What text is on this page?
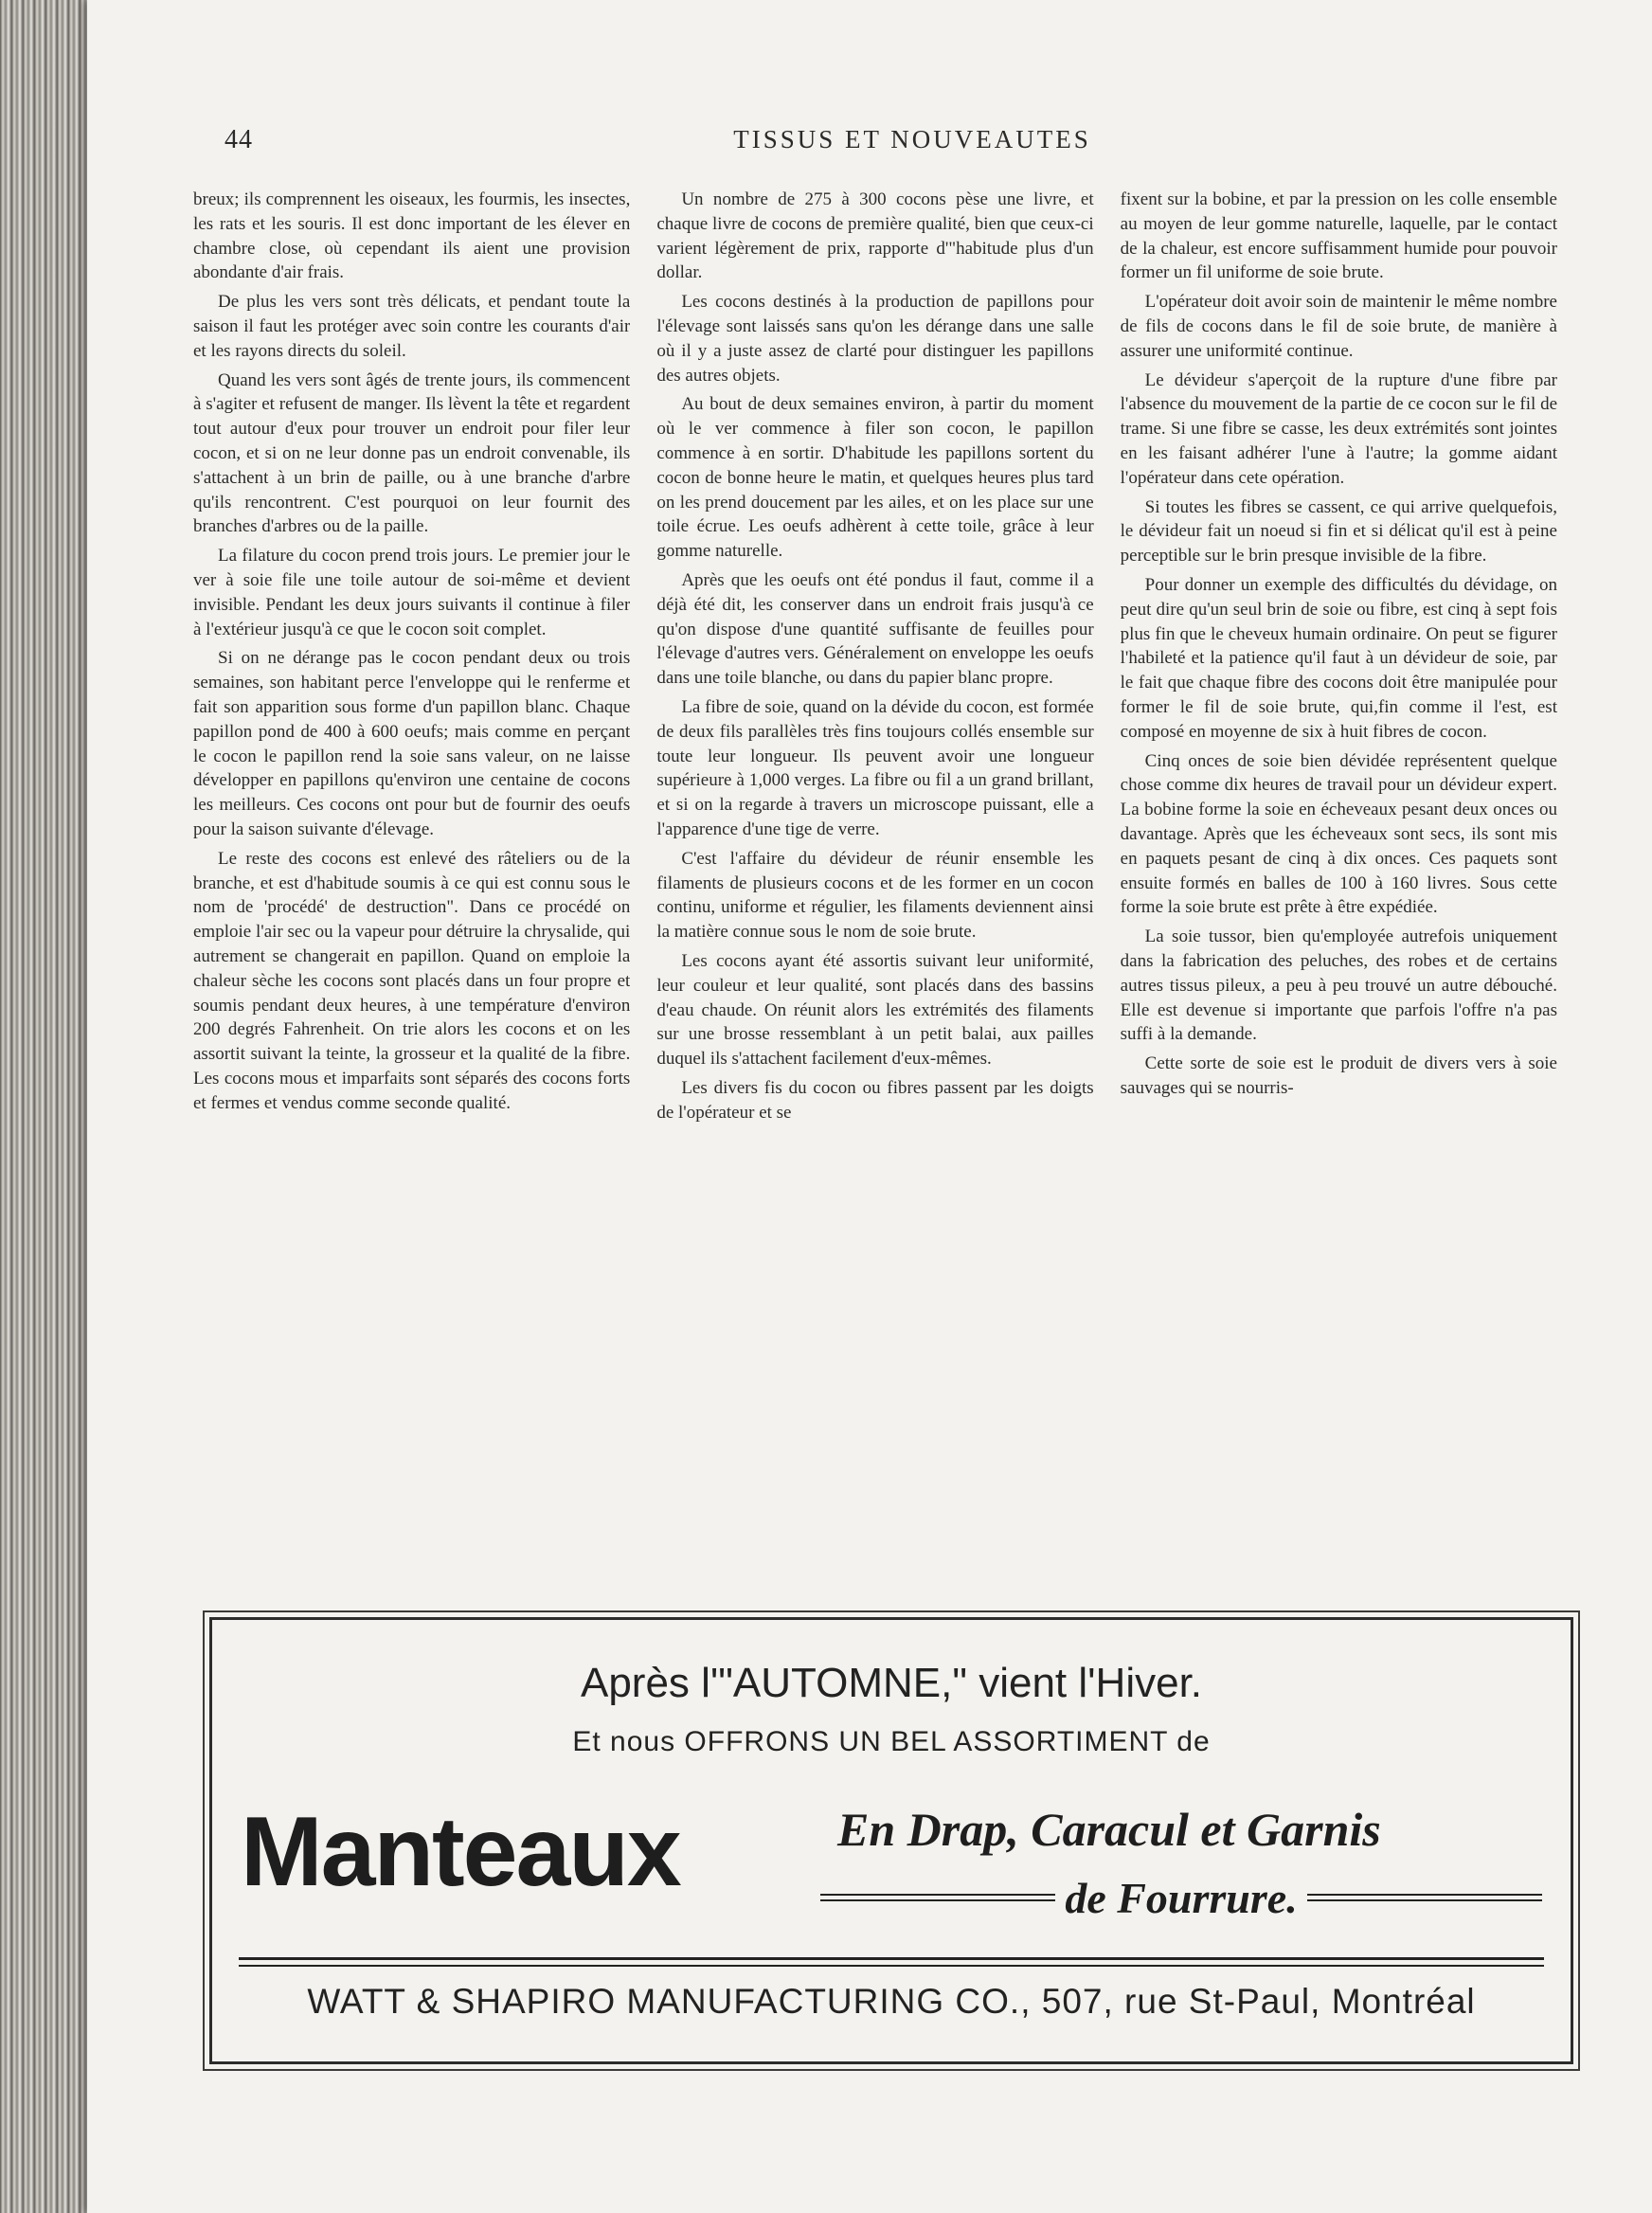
44	TISSUS ET NOUVEAUTES

breux; ils comprennent les oiseaux, les fourmis, les insectes, les rats et les souris. Il est donc important de les élever en chambre close, où cependant ils aient une provision abondante d'air frais.

De plus les vers sont très délicats, et pendant toute la saison il faut les protéger avec soin contre les courants d'air et les rayons directs du soleil.

Quand les vers sont âgés de trente jours, ils commencent à s'agiter et refusent de manger. Ils lèvent la tête et regardent tout autour d'eux pour trouver un endroit pour filer leur cocon, et si on ne leur donne pas un endroit convenable, ils s'attachent à un brin de paille, ou à une branche d'arbre qu'ils rencontrent. C'est pourquoi on leur fournit des branches d'arbres ou de la paille.

La filature du cocon prend trois jours. Le premier jour le ver à soie file une toile autour de soi-même et devient invisible. Pendant les deux jours suivants il continue à filer à l'extérieur jusqu'à ce que le cocon soit complet.

Si on ne dérange pas le cocon pendant deux ou trois semaines, son habitant perce l'enveloppe qui le renferme et fait son apparition sous forme d'un papillon blanc. Chaque papillon pond de 400 à 600 oeufs; mais comme en perçant le cocon le papillon rend la soie sans valeur, on ne laisse développer en papillons qu'environ une centaine de cocons les meilleurs. Ces cocons ont pour but de fournir des oeufs pour la saison suivante d'élevage.

Le reste des cocons est enlevé des râteliers ou de la branche, et est d'habitude soumis à ce qui est connu sous le nom de 'procédé' de destruction". Dans ce procédé on emploie l'air sec ou la vapeur pour détruire la chrysalide, qui autrement se changerait en papillon. Quand on emploie la chaleur sèche les cocons sont placés dans un four propre et soumis pendant deux heures, à une température d'environ 200 degrés Fahrenheit. On trie alors les cocons et on les assortit suivant la teinte, la grosseur et la qualité de la fibre. Les cocons mous et imparfaits sont séparés des cocons forts et fermes et vendus comme seconde qualité.

Un nombre de 275 à 300 cocons pèse une livre, et chaque livre de cocons de première qualité, bien que ceux-ci varient légèrement de prix, rapporte d'"habitude plus d'un dollar.

Les cocons destinés à la production de papillons pour l'élevage sont laissés sans qu'on les dérange dans une salle où il y a juste assez de clarté pour distinguer les papillons des autres objets.

Au bout de deux semaines environ, à partir du moment où le ver commence à filer son cocon, le papillon commence à en sortir. D'habitude les papillons sortent du cocon de bonne heure le matin, et quelques heures plus tard on les prend doucement par les ailes, et on les place sur une toile écrue. Les oeufs adhèrent à cette toile, grâce à leur gomme naturelle.

Après que les oeufs ont été pondus il faut, comme il a déjà été dit, les conserver dans un endroit frais jusqu'à ce qu'on dispose d'une quantité suffisante de feuilles pour l'élevage d'autres vers. Généralement on enveloppe les oeufs dans une toile blanche, ou dans du papier blanc propre.

La fibre de soie, quand on la dévide du cocon, est formée de deux fils parallèles très fins toujours collés ensemble sur toute leur longueur. Ils peuvent avoir une longueur supérieure à 1,000 verges. La fibre ou fil a un grand brillant, et si on la regarde à travers un microscope puissant, elle a l'apparence d'une tige de verre.

C'est l'affaire du dévideur de réunir ensemble les filaments de plusieurs cocons et de les former en un cocon continu, uniforme et régulier, les filaments deviennent ainsi la matière connue sous le nom de soie brute.

Les cocons ayant été assortis suivant leur uniformité, leur couleur et leur qualité, sont placés dans des bassins d'eau chaude. On réunit alors les extrémités des filaments sur une brosse ressemblant à un petit balai, aux pailles duquel ils s'attachent facilement d'eux-mêmes.

Les divers fis du cocon ou fibres passent par les doigts de l'opérateur et se

fixent sur la bobine, et par la pression on les colle ensemble au moyen de leur gomme naturelle, laquelle, par le contact de la chaleur, est encore suffisamment humide pour pouvoir former un fil uniforme de soie brute.

L'opérateur doit avoir soin de maintenir le même nombre de fils de cocons dans le fil de soie brute, de manière à assurer une uniformité continue.

Le dévideur s'aperçoit de la rupture d'une fibre par l'absence du mouvement de la partie de ce cocon sur le fil de trame. Si une fibre se casse, les deux extrémités sont jointes en les faisant adhérer l'une à l'autre; la gomme aidant l'opérateur dans cete opération.

Si toutes les fibres se cassent, ce qui arrive quelquefois, le dévideur fait un noeud si fin et si délicat qu'il est à peine perceptible sur le brin presque invisible de la fibre.

Pour donner un exemple des difficultés du dévidage, on peut dire qu'un seul brin de soie ou fibre, est cinq à sept fois plus fin que le cheveux humain ordinaire. On peut se figurer l'habileté et la patience qu'il faut à un dévideur de soie, par le fait que chaque fibre des cocons doit être manipulée pour former le fil de soie brute, qui,fin comme il l'est, est composé en moyenne de six à huit fibres de cocon.

Cinq onces de soie bien dévidée représentent quelque chose comme dix heures de travail pour un dévideur expert. La bobine forme la soie en écheveaux pesant deux onces ou davantage. Après que les écheveaux sont secs, ils sont mis en paquets pesant de cinq à dix onces. Ces paquets sont ensuite formés en balles de 100 à 160 livres. Sous cette forme la soie brute est prête à être expédiée.

La soie tussor, bien qu'employée autrefois uniquement dans la fabrication des peluches, des robes et de certains autres tissus pileux, a peu à peu trouvé un autre débouché. Elle est devenue si importante que parfois l'offre n'a pas suffi à la demande.

Cette sorte de soie est le produit de divers vers à soie sauvages qui se nourris-

Après l'"AUTOMNE," vient l'Hiver.
Et nous OFFRONS UN BEL ASSORTIMENT de
Manteaux	En Drap, Caracul et Garnis
de Fourrure.
WATT & SHAPIRO MANUFACTURING CO., 507, rue St-Paul, Montréal
